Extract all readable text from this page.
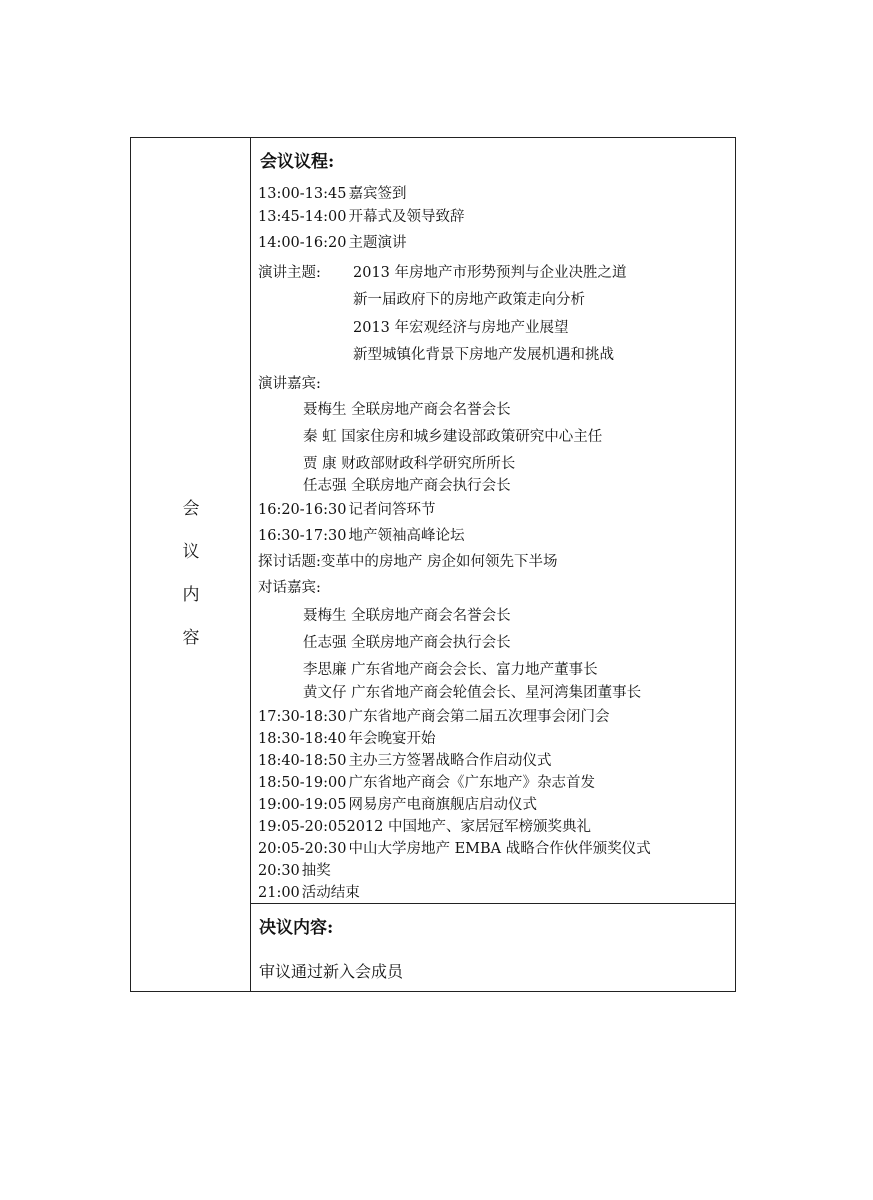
会
议
内
容
会议议程:
13:00-13:45 嘉宾签到
13:45-14:00 开幕式及领导致辞
14:00-16:20 主题演讲
演讲主题: 2013 年房地产市形势预判与企业决胜之道
新一届政府下的房地产政策走向分析
2013 年宏观经济与房地产业展望
新型城镇化背景下房地产发展机遇和挑战
演讲嘉宾:
聂梅生 全联房地产商会名誉会长
秦 虹 国家住房和城乡建设部政策研究中心主任
贾 康 财政部财政科学研究所所长
任志强 全联房地产商会执行会长
16:20-16:30 记者问答环节
16:30-17:30 地产领袖高峰论坛
探讨话题:变革中的房地产 房企如何领先下半场
对话嘉宾:
聂梅生 全联房地产商会名誉会长
任志强 全联房地产商会执行会长
李思廉 广东省地产商会会长、富力地产董事长
黄文仔 广东省地产商会轮值会长、星河湾集团董事长
17:30-18:30 广东省地产商会第二届五次理事会闭门会
18:30-18:40 年会晚宴开始
18:40-18:50 主办三方签署战略合作启动仪式
18:50-19:00 广东省地产商会《广东地产》杂志首发
19:00-19:05 网易房产电商旗舰店启动仪式
19:05-20:052012 中国地产、家居冠军榜颁奖典礼
20:05-20:30 中山大学房地产 EMBA 战略合作伙伴颁奖仪式
20:30 抽奖
21:00 活动结束
决议内容:
审议通过新入会成员
